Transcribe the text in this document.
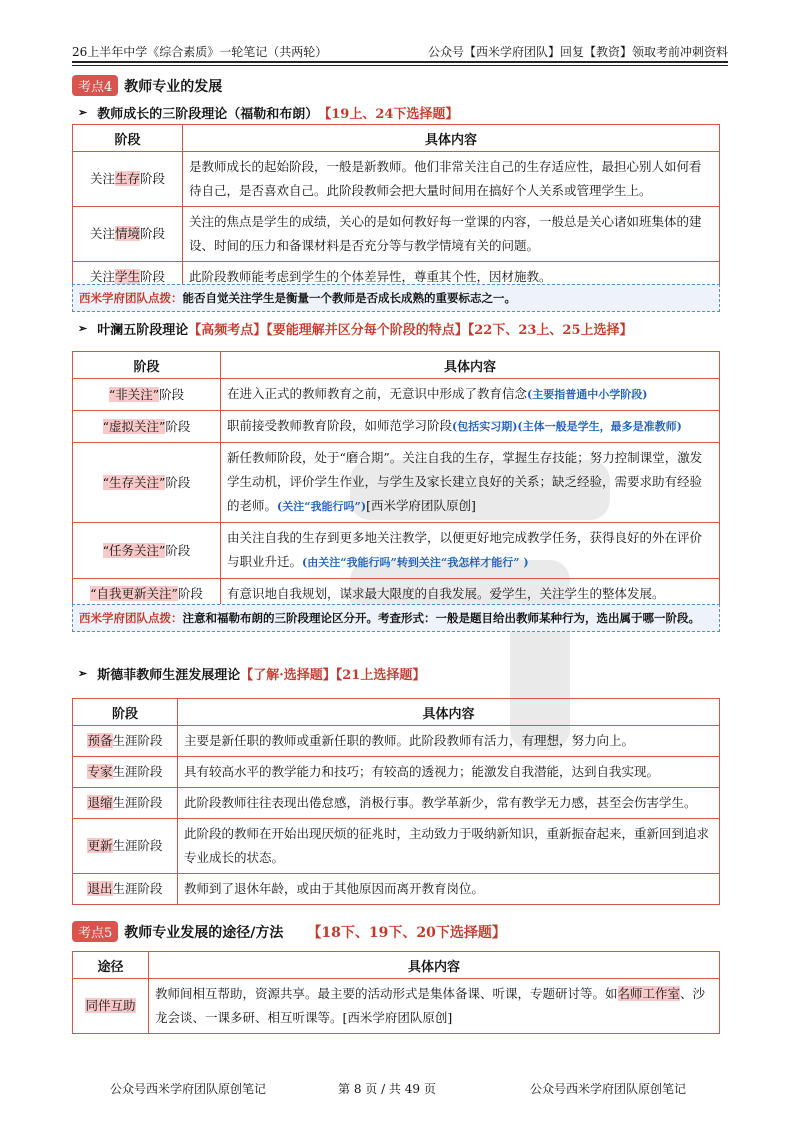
26上半年中学《综合素质》一轮笔记（共两轮）	公众号【西米学府团队】回复【教资】领取考前冲刺资料
考点4 教师专业的发展
➢ 教师成长的三阶段理论（福勒和布朗） 【19上、24下选择题】
阶段	具体内容
关注生存阶段	是教师成长的起始阶段，一般是新教师。他们非常关注自己的生存适应性，最担心别人如何看待自己，是否喜欢自己。此阶段教师会把大量时间用在搞好个人关系或管理学生上。
关注情境阶段	关注的焦点是学生的成绩，关心的是如何教好每一堂课的内容，一般总是关心诸如班集体的建设、时间的压力和备课材料是否充分等与教学情境有关的问题。
关注学生阶段	此阶段教师能考虑到学生的个体差异性，尊重其个性，因材施教。
西米学府团队点拨：能否自觉关注学生是衡量一个教师是否成长成熟的重要标志之一。
➢ 叶澜五阶段理论 【高频考点】【要能理解并区分每个阶段的特点】【22下、23上、25上选择】
阶段	具体内容
“非关注”阶段	在进入正式的教师教育之前，无意识中形成了教育信念(主要指普通中小学阶段)
“虚拟关注”阶段	职前接受教师教育阶段，如师范学习阶段(包括实习期)(主体一般是学生，最多是准教师)
“生存关注”阶段	新任教师阶段，处于“磨合期”。关注自我的生存，掌握生存技能；努力控制课堂，激发学生动机，评价学生作业，与学生及家长建立良好的关系；缺乏经验，需要求助有经验的老师。(关注“我能行吗”)[西米学府团队原创]
“任务关注”阶段	由关注自我的生存到更多地关注教学，以便更好地完成教学任务，获得良好的外在评价与职业升迁。(由关注“我能行吗”转到关注“我怎样才能行” )
“自我更新关注”阶段	有意识地自我规划，谋求最大限度的自我发展。爱学生，关注学生的整体发展。
西米学府团队点拨：注意和福勒布朗的三阶段理论区分开。考查形式：一般是题目给出教师某种行为，选出属于哪一阶段。
➢ 斯德菲教师生涯发展理论 【了解·选择题】【21上选择题】
阶段	具体内容
预备生涯阶段	主要是新任职的教师或重新任职的教师。此阶段教师有活力，有理想，努力向上。
专家生涯阶段	具有较高水平的教学能力和技巧；有较高的透视力；能激发自我潜能，达到自我实现。
退缩生涯阶段	此阶段教师往往表现出倦怠感，消极行事。教学革新少，常有教学无力感，甚至会伤害学生。
更新生涯阶段	此阶段的教师在开始出现厌烦的征兆时，主动致力于吸纳新知识，重新振奋起来，重新回到追求专业成长的状态。
退出生涯阶段	教师到了退休年龄，或由于其他原因而离开教育岗位。
考点5 教师专业发展的途径/方法 【18下、19下、20下选择题】
途径	具体内容
同伴互助	教师间相互帮助，资源共享。最主要的活动形式是集体备课、听课，专题研讨等。如名师工作室、沙龙会谈、一课多研、相互听课等。[西米学府团队原创]
公众号西米学府团队原创笔记	第 8 页 / 共 49 页	公众号西米学府团队原创笔记
